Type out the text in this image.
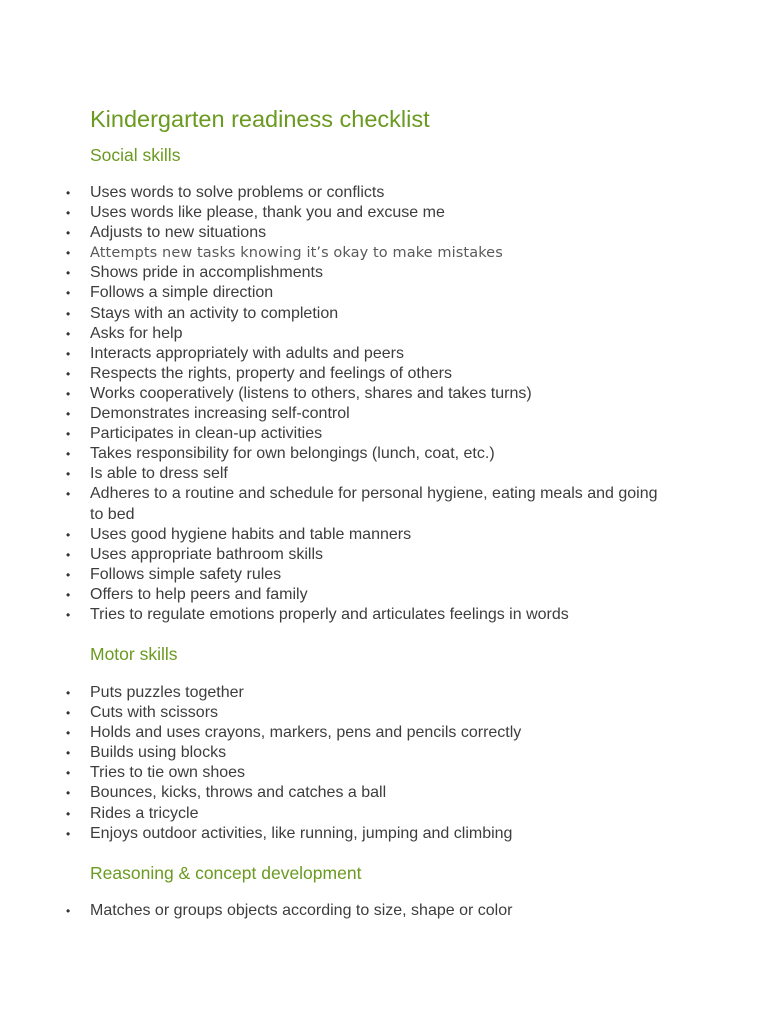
Kindergarten readiness checklist
Social skills
• Uses words to solve problems or conflicts
• Uses words like please, thank you and excuse me
• Adjusts to new situations
• Attempts new tasks knowing it’s okay to make mistakes
• Shows pride in accomplishments
• Follows a simple direction
• Stays with an activity to completion
• Asks for help
• Interacts appropriately with adults and peers
• Respects the rights, property and feelings of others
• Works cooperatively (listens to others, shares and takes turns)
• Demonstrates increasing self-control
• Participates in clean-up activities
• Takes responsibility for own belongings (lunch, coat, etc.)
• Is able to dress self
• Adheres to a routine and schedule for personal hygiene, eating meals and going to bed
• Uses good hygiene habits and table manners
• Uses appropriate bathroom skills
• Follows simple safety rules
• Offers to help peers and family
• Tries to regulate emotions properly and articulates feelings in words
Motor skills
• Puts puzzles together
• Cuts with scissors
• Holds and uses crayons, markers, pens and pencils correctly
• Builds using blocks
• Tries to tie own shoes
• Bounces, kicks, throws and catches a ball
• Rides a tricycle
• Enjoys outdoor activities, like running, jumping and climbing
Reasoning & concept development
• Matches or groups objects according to size, shape or color
